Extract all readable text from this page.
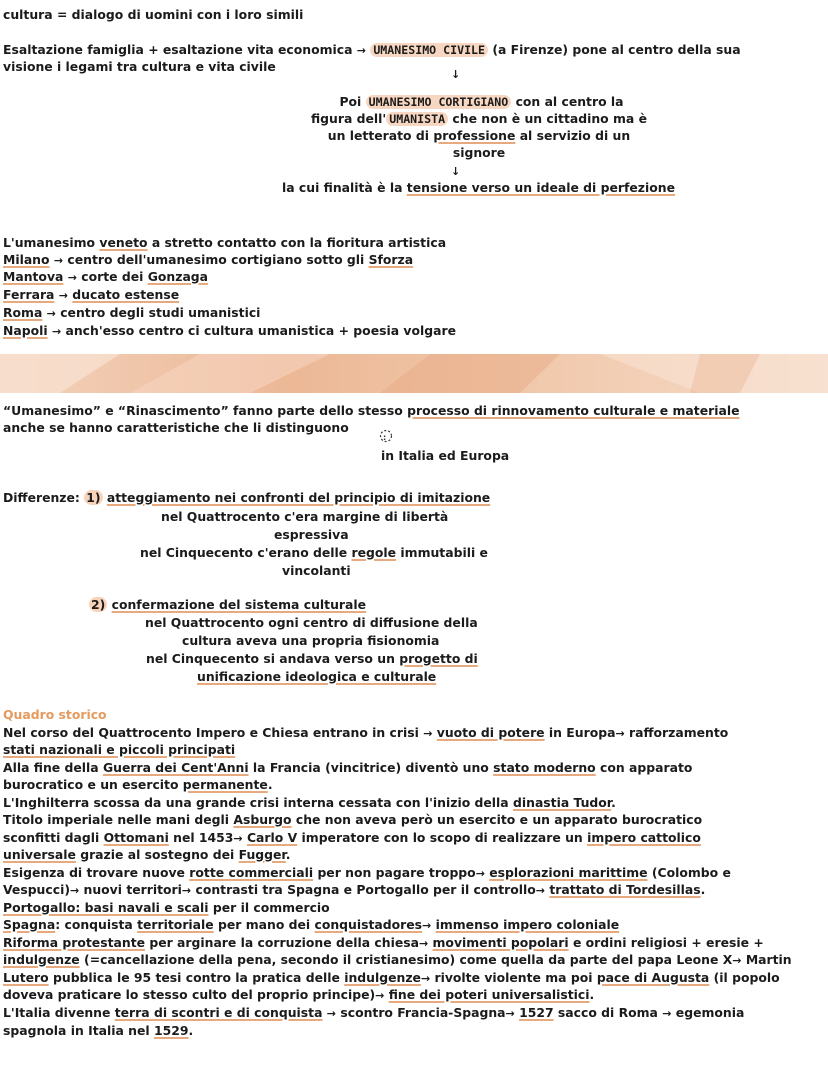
cultura = dialogo di uomini con i loro simili
Esaltazione famiglia + esaltazione vita economica → UMANESIMO CIVILE (a Firenze) pone al centro della sua
visione i legami tra cultura e vita civile
↓
Poi UMANESIMO CORTIGIANO con al centro la
figura dell' UMANISTA che non è un cittadino ma è
un letterato di professione al servizio di un
signore
↓
la cui finalità è la tensione verso un ideale di perfezione
L'umanesimo veneto a stretto contatto con la fioritura artistica
Milano → centro dell'umanesimo cortigiano sotto gli Sforza
Mantova → corte dei Gonzaga
Ferrara → ducato estense
Roma → centro degli studi umanistici
Napoli → anch'esso centro ci cultura umanistica + poesia volgare
“Umanesimo” e “Rinascimento” fanno parte dello stesso processo di rinnovamento culturale e materiale
anche se hanno caratteristiche che li distinguono
:
in Italia ed Europa
Differenze: 1) atteggiamento nei confronti del principio di imitazione
nel Quattrocento c'era margine di libertà
espressiva
nel Cinquecento c'erano delle regole immutabili e
vincolanti
2) confermazione del sistema culturale
nel Quattrocento ogni centro di diffusione della
cultura aveva una propria fisionomia
nel Cinquecento si andava verso un progetto di
unificazione ideologica e culturale
Quadro storico
Nel corso del Quattrocento Impero e Chiesa entrano in crisi → vuoto di potere in Europa→ rafforzamento
stati nazionali e piccoli principati
Alla fine della Guerra dei Cent'Anni la Francia (vincitrice) diventò uno stato moderno con apparato
burocratico e un esercito permanente.
L'Inghilterra scossa da una grande crisi interna cessata con l'inizio della dinastia Tudor.
Titolo imperiale nelle mani degli Asburgo che non aveva però un esercito e un apparato burocratico
sconfitti dagli Ottomani nel 1453→ Carlo V imperatore con lo scopo di realizzare un impero cattolico
universale grazie al sostegno dei Fugger.
Esigenza di trovare nuove rotte commerciali per non pagare troppo→ esplorazioni marittime (Colombo e
Vespucci)→ nuovi territori→ contrasti tra Spagna e Portogallo per il controllo→ trattato di Tordesillas.
Portogallo: basi navali e scali per il commercio
Spagna: conquista territoriale per mano dei conquistadores→ immenso impero coloniale
Riforma protestante per arginare la corruzione della chiesa→ movimenti popolari e ordini religiosi + eresie +
indulgenze (=cancellazione della pena, secondo il cristianesimo) come quella da parte del papa Leone X→ Martin
Lutero pubblica le 95 tesi contro la pratica delle indulgenze→ rivolte violente ma poi pace di Augusta (il popolo
doveva praticare lo stesso culto del proprio principe)→ fine dei poteri universalistici.
L'Italia divenne terra di scontri e di conquista → scontro Francia-Spagna→ 1527 sacco di Roma → egemonia
spagnola in Italia nel 1529.
